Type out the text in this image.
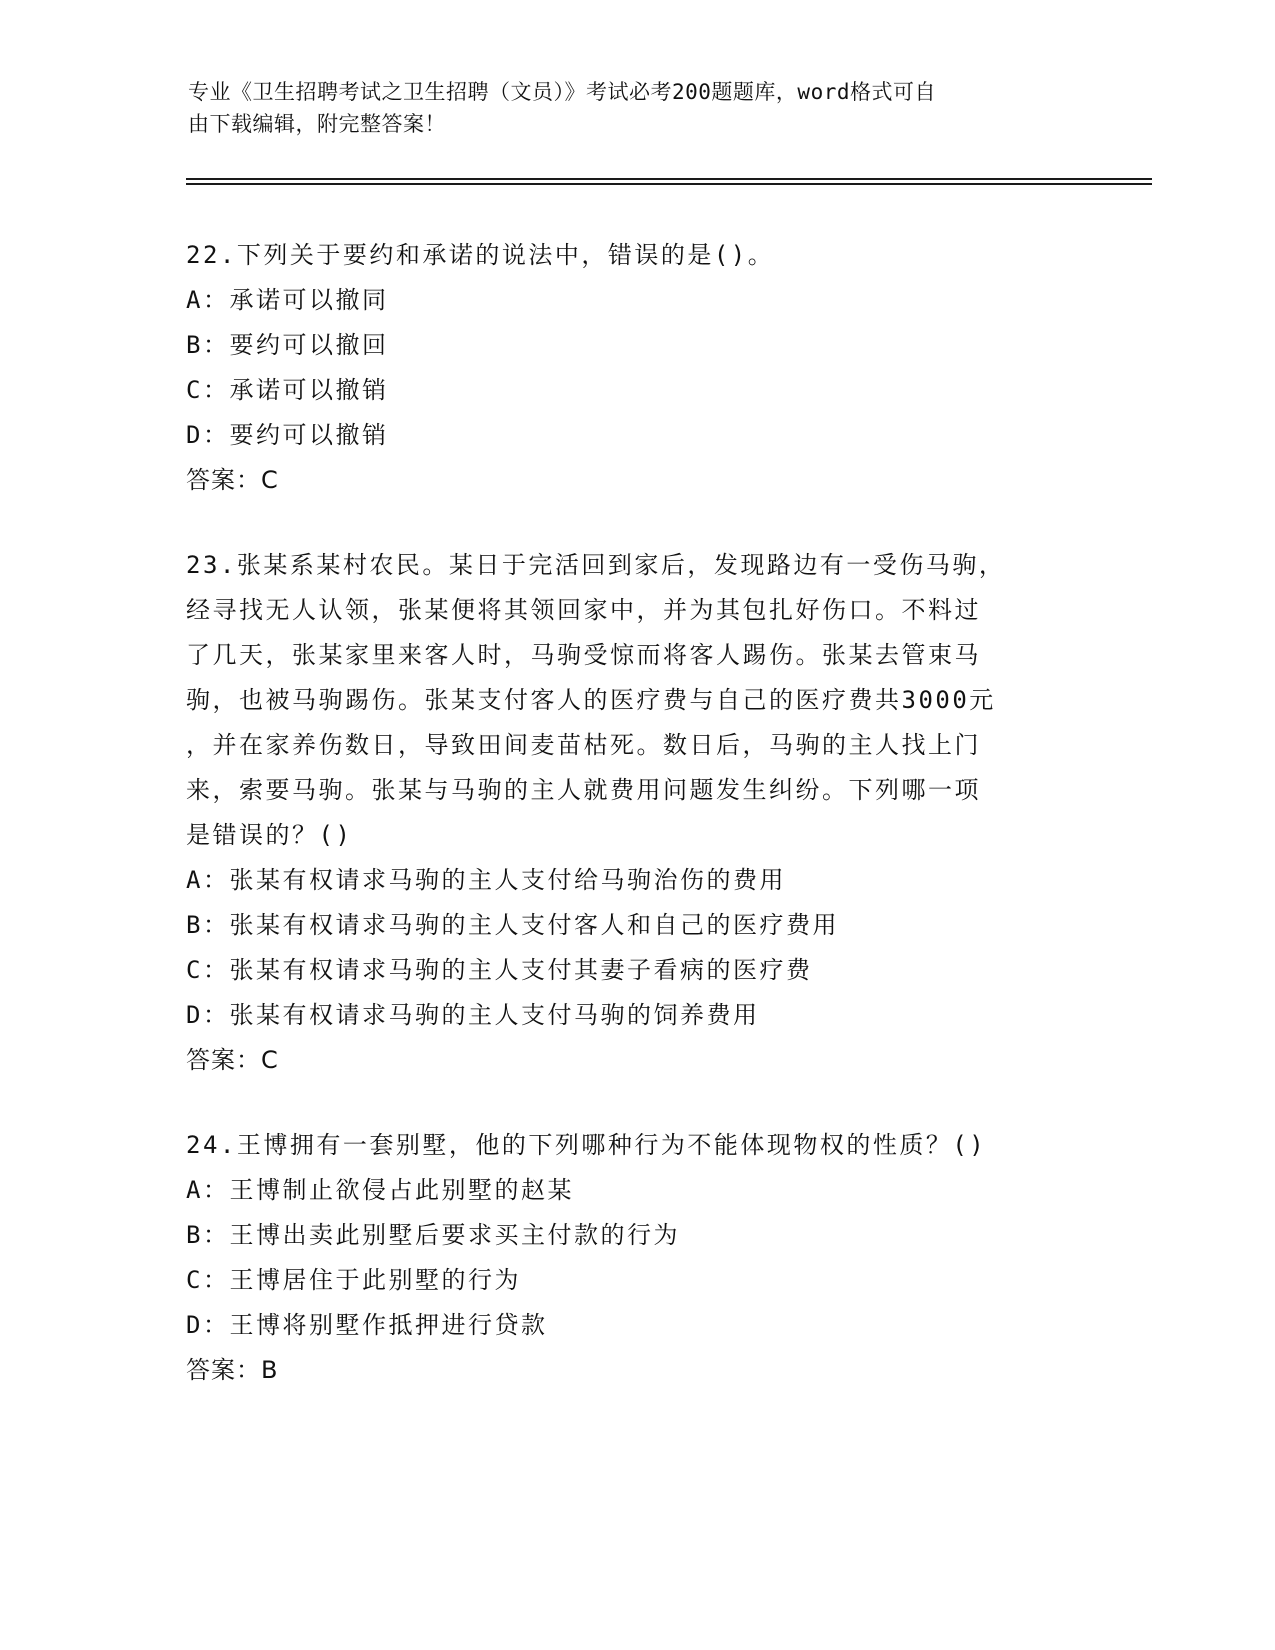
专业《卫生招聘考试之卫生招聘（文员）》考试必考200题题库，word格式可自
由下载编辑，附完整答案！
22.下列关于要约和承诺的说法中，错误的是()。
A：承诺可以撤同
B：要约可以撤回
C：承诺可以撤销
D：要约可以撤销
答案：C
23.张某系某村农民。某日于完活回到家后，发现路边有一受伤马驹，
经寻找无人认领，张某便将其领回家中，并为其包扎好伤口。不料过
了几天，张某家里来客人时，马驹受惊而将客人踢伤。张某去管束马
驹，也被马驹踢伤。张某支付客人的医疗费与自己的医疗费共3000元
，并在家养伤数日，导致田间麦苗枯死。数日后，马驹的主人找上门
来，索要马驹。张某与马驹的主人就费用问题发生纠纷。下列哪一项
是错误的？()
A：张某有权请求马驹的主人支付给马驹治伤的费用
B：张某有权请求马驹的主人支付客人和自己的医疗费用
C：张某有权请求马驹的主人支付其妻子看病的医疗费
D：张某有权请求马驹的主人支付马驹的饲养费用
答案：C
24.王博拥有一套别墅，他的下列哪种行为不能体现物权的性质？()
A：王博制止欲侵占此别墅的赵某
B：王博出卖此别墅后要求买主付款的行为
C：王博居住于此别墅的行为
D：王博将别墅作抵押进行贷款
答案：B
